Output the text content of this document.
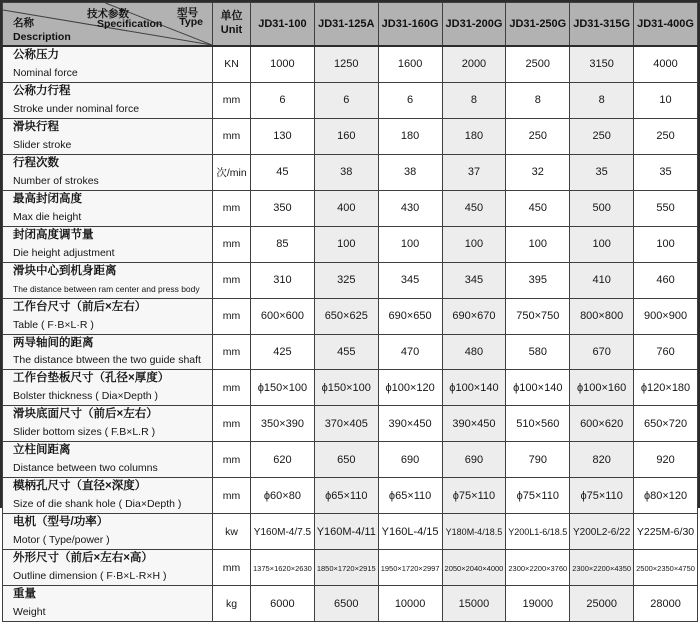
技术参数
Specification
型号
Type
名称
Description

单位
Unit	JD31-100	JD31-125A	JD31-160G	JD31-200G	JD31-250G	JD31-315G	JD31-400G

公称压力
Nominal force	KN	1000	1250	1600	2000	2500	3150	4000

公称力行程
Stroke under nominal force	mm	6	6	6	8	8	8	10

滑块行程
Slider stroke	mm	130	160	180	180	250	250	250

行程次数
Number of strokes	次/min	45	38	38	37	32	35	35

最高封闭高度
Max die height	mm	350	400	430	450	450	500	550

封闭高度调节量
Die height adjustment	mm	85	100	100	100	100	100	100

滑块中心到机身距离
The distance between ram center and press body	mm	310	325	345	345	395	410	460

工作台尺寸（前后×左右）
Table ( F·B×L·R )	mm	600×600	650×625	690×650	690×670	750×750	800×800	900×900

两导轴间的距离
The distance btween the two guide shaft	mm	425	455	470	480	580	670	760

工作台垫板尺寸（孔径×厚度）
Bolster thickness ( Dia×Depth )	mm	ϕ150×100	ϕ150×100	ϕ100×120	ϕ100×140	ϕ100×140	ϕ100×160	ϕ120×180

滑块底面尺寸（前后×左右）
Slider bottom sizes ( F.B×L.R )	mm	350×390	370×405	390×450	390×450	510×560	600×620	650×720

立柱间距离
Distance between two columns	mm	620	650	690	690	790	820	920

模柄孔尺寸（直径×深度）
Size of die shank hole ( Dia×Depth )	mm	ϕ60×80	ϕ65×110	ϕ65×110	ϕ75×110	ϕ75×110	ϕ75×110	ϕ80×120

电机（型号/功率）
Motor ( Type/power )	kw	Y160M-4/7.5	Y160M-4/11	Y160L-4/15	Y180M-4/18.5	Y200L1-6/18.5	Y200L2-6/22	Y225M-6/30

外形尺寸（前后×左右×高）
Outline dimension ( F·B×L·R×H )	mm	1375×1620×2630	1850×1720×2915	1950×1720×2997	2050×2040×4000	2300×2200×3760	2300×2200×4350	2500×2350×4750

重量
Weight	kg	6000	6500	10000	15000	19000	25000	28000
